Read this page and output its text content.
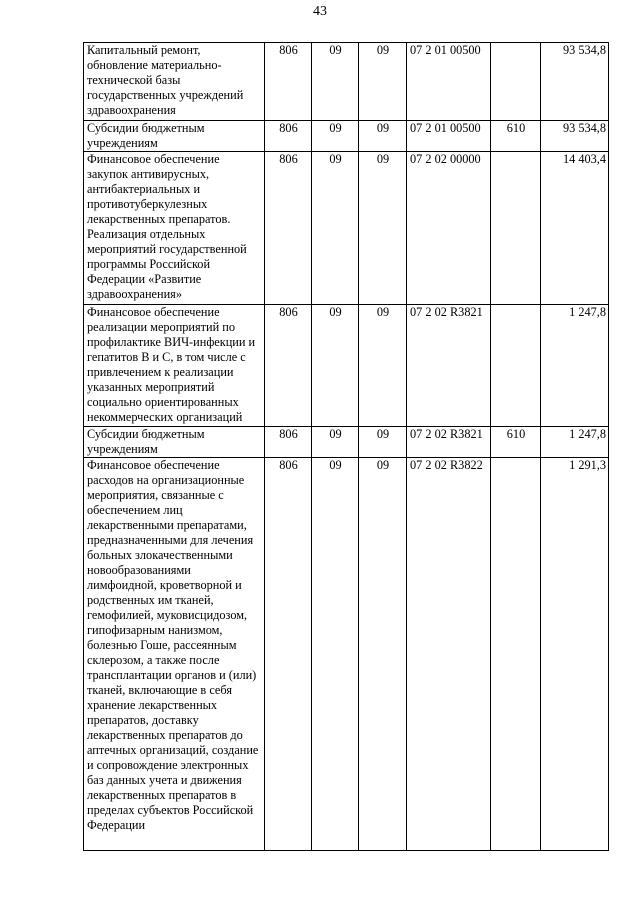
43
Капитальный ремонт, обновление материально-технической базы государственных учреждений здравоохранения	806	09	09	07 2 01 00500		93 534,8
Субсидии бюджетным учреждениям	806	09	09	07 2 01 00500	610	93 534,8
Финансовое обеспечение закупок антивирусных, антибактериальных и противотуберкулезных лекарственных препаратов. Реализация отдельных мероприятий государственной программы Российской Федерации «Развитие здравоохранения»	806	09	09	07 2 02 00000		14 403,4
Финансовое обеспечение реализации мероприятий по профилактике ВИЧ-инфекции и гепатитов В и С, в том числе с привлечением к реализации указанных мероприятий социально ориентированных некоммерческих организаций	806	09	09	07 2 02 R3821		1 247,8
Субсидии бюджетным учреждениям	806	09	09	07 2 02 R3821	610	1 247,8
Финансовое обеспечение расходов на организационные мероприятия, связанные с обеспечением лиц лекарственными препаратами, предназначенными для лечения больных злокачественными новообразованиями лимфоидной, кроветворной и родственных им тканей, гемофилией, муковисцидозом, гипофизарным нанизмом, болезнью Гоше, рассеянным склерозом, а также после трансплантации органов и (или) тканей, включающие в себя хранение лекарственных препаратов, доставку лекарственных препаратов до аптечных организаций, создание и сопровождение электронных баз данных учета и движения лекарственных препаратов в пределах субъектов Российской Федерации	806	09	09	07 2 02 R3822		1 291,3
